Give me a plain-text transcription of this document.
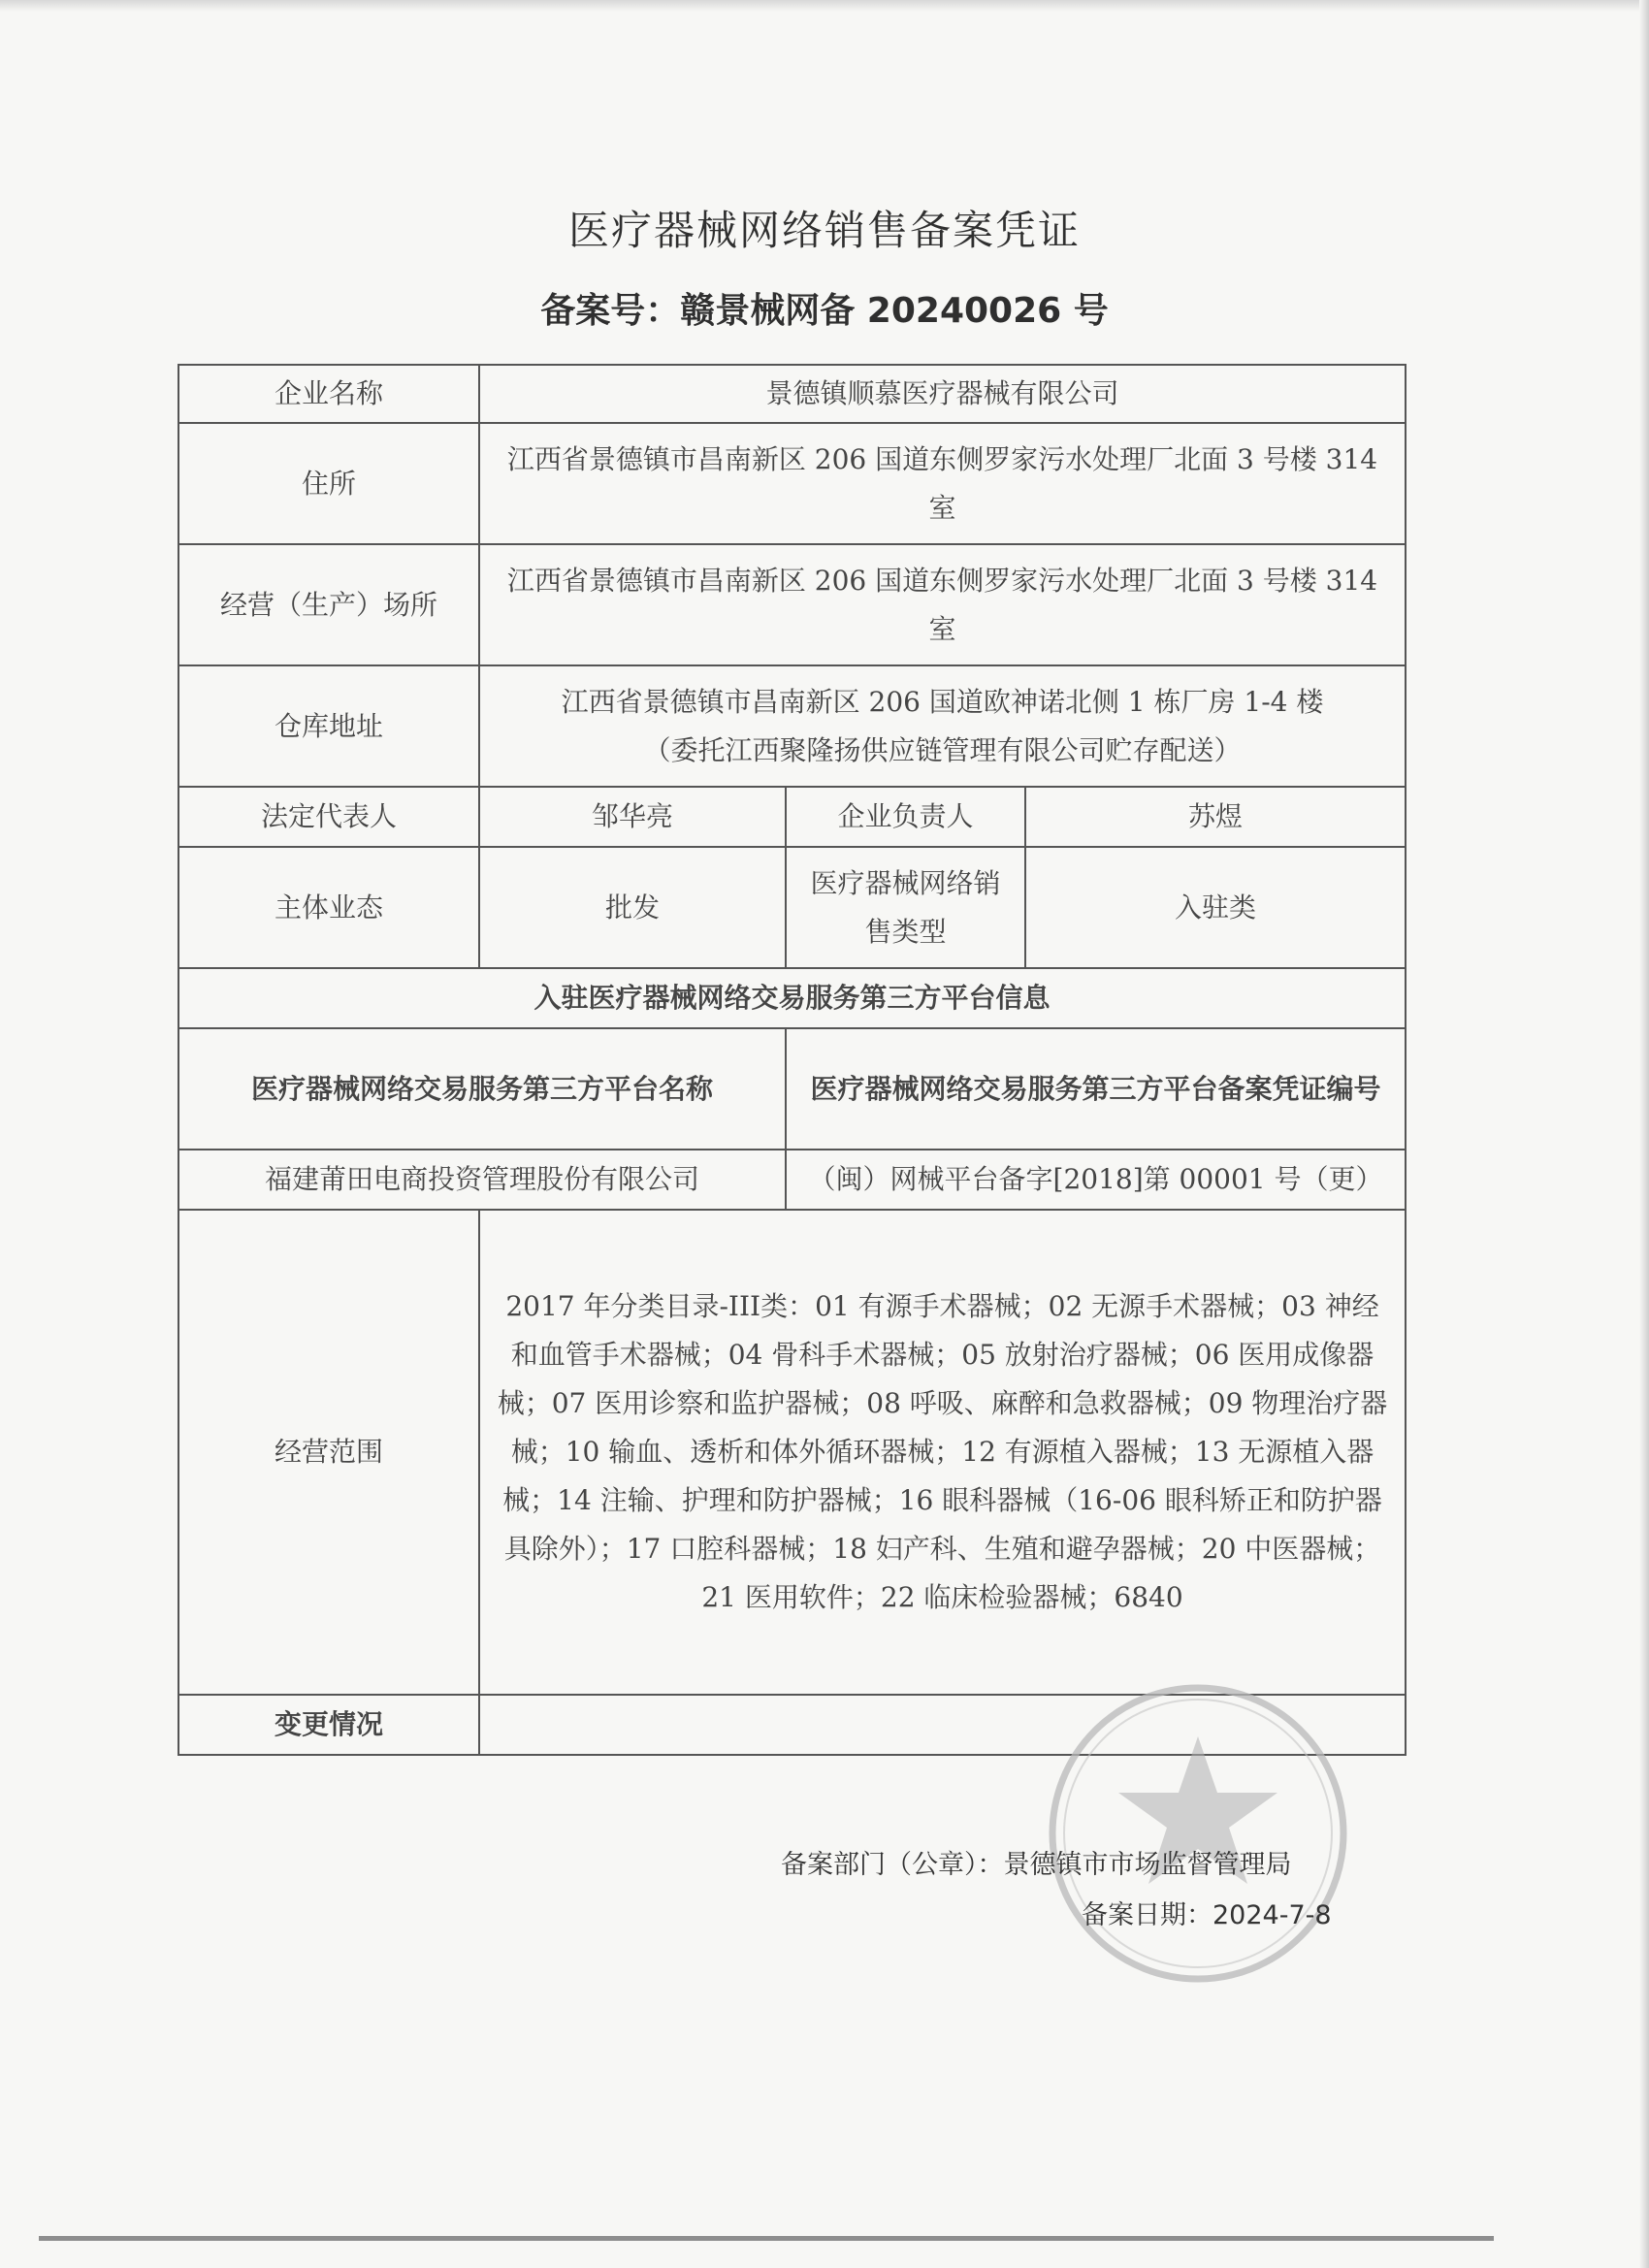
医疗器械网络销售备案凭证
备案号：赣景械网备 20240026 号
企业名称	景德镇顺慕医疗器械有限公司		
住所	江西省景德镇市昌南新区 206 国道东侧罗家污水处理厂北面 3 号楼 314 室		
经营（生产）场所	江西省景德镇市昌南新区 206 国道东侧罗家污水处理厂北面 3 号楼 314 室		
仓库地址	江西省景德镇市昌南新区 206 国道欧神诺北侧 1 栋厂房 1-4 楼
（委托江西聚隆扬供应链管理有限公司贮存配送）		

法定代表人	邹华亮	企业负责人	苏煜
主体业态	批发	医疗器械网络销售类型	入驻类
入驻医疗器械网络交易服务第三方平台信息			
医疗器械网络交易服务第三方平台名称		医疗器械网络交易服务第三方平台备案凭证编号	
福建莆田电商投资管理股份有限公司		（闽）网械平台备字[2018]第 00001 号（更）	
经营范围	2017 年分类目录-III类：01 有源手术器械；02 无源手术器械；03 神经和血管手术器械；04 骨科手术器械；05 放射治疗器械；06 医用成像器械；07 医用诊察和监护器械；08 呼吸、麻醉和急救器械；09 物理治疗器械；10 输血、透析和体外循环器械；12 有源植入器械；13 无源植入器械；14 注输、护理和防护器械；16 眼科器械（16-06 眼科矫正和防护器具除外）；17 口腔科器械；18 妇产科、生殖和避孕器械；20 中医器械；21 医用软件；22 临床检验器械；6840		
变更情况			
备案部门（公章）：景德镇市市场监督管理局
备案日期：2024-7-8
